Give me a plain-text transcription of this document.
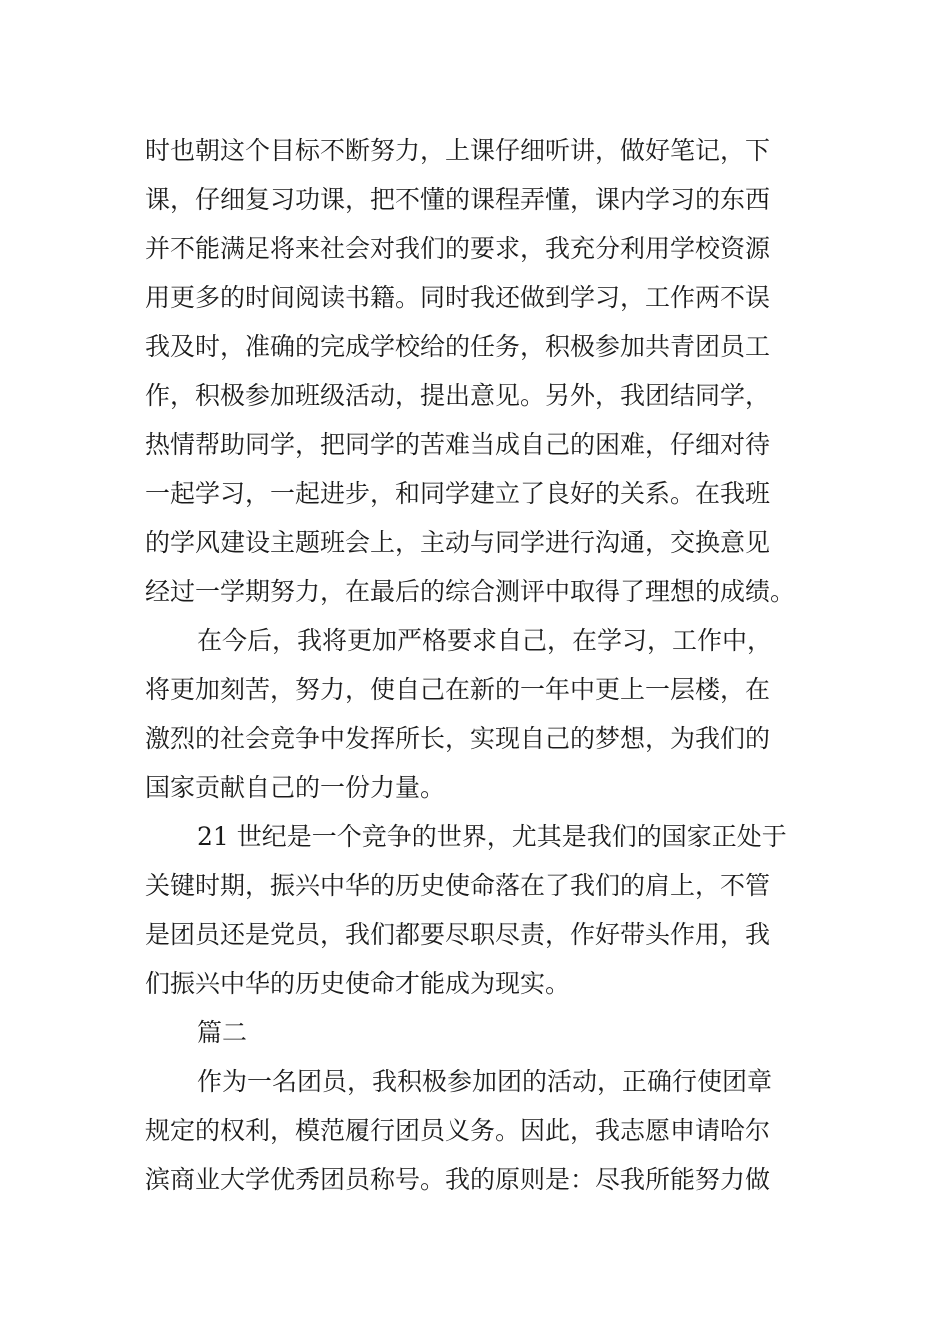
时也朝这个目标不断努力，上课仔细听讲，做好笔记，下
课，仔细复习功课，把不懂的课程弄懂，课内学习的东西
并不能满足将来社会对我们的要求，我充分利用学校资源
用更多的时间阅读书籍。同时我还做到学习，工作两不误
我及时，准确的完成学校给的任务，积极参加共青团员工
作，积极参加班级活动，提出意见。另外，我团结同学，
热情帮助同学，把同学的苦难当成自己的困难，仔细对待
一起学习，一起进步，和同学建立了良好的关系。在我班
的学风建设主题班会上，主动与同学进行沟通，交换意见
经过一学期努力，在最后的综合测评中取得了理想的成绩。
在今后，我将更加严格要求自己，在学习，工作中，
将更加刻苦，努力，使自己在新的一年中更上一层楼，在
激烈的社会竞争中发挥所长，实现自己的梦想，为我们的
国家贡献自己的一份力量。
21 世纪是一个竞争的世界，尤其是我们的国家正处于
关键时期，振兴中华的历史使命落在了我们的肩上，不管
是团员还是党员，我们都要尽职尽责，作好带头作用，我
们振兴中华的历史使命才能成为现实。
篇二
作为一名团员，我积极参加团的活动，正确行使团章
规定的权利，模范履行团员义务。因此，我志愿申请哈尔
滨商业大学优秀团员称号。我的原则是：尽我所能努力做
